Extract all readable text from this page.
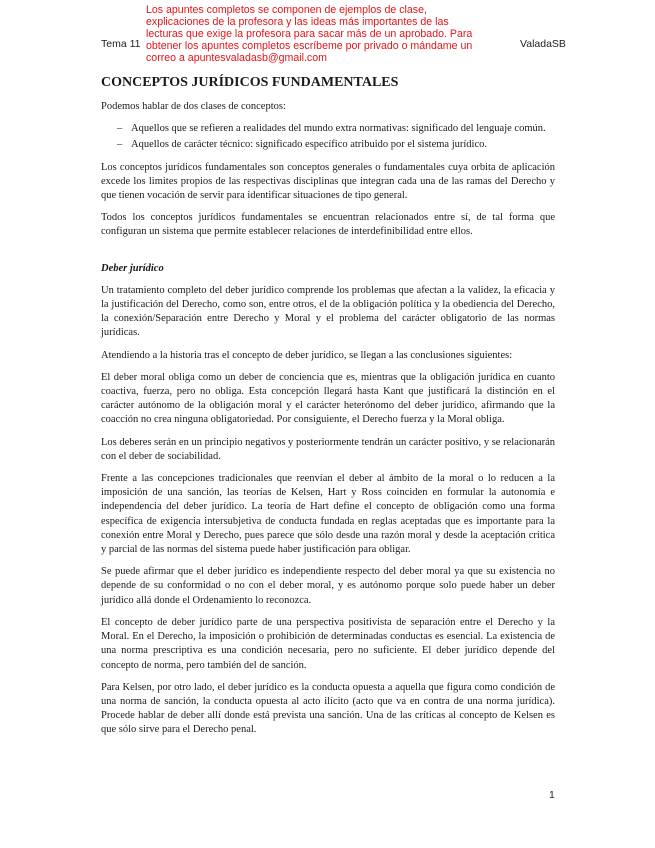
Tema 11
Los apuntes completos se componen de ejemplos de clase,
explicaciones de la profesora y las ideas más importantes de las
lecturas que exige la profesora para sacar más de un aprobado. Para
obtener los apuntes completos escríbeme por privado o mándame un
correo a apuntesvaladasb@gmail.com
ValadaSB
CONCEPTOS JURÍDICOS FUNDAMENTALES

Podemos hablar de dos clases de conceptos:

– Aquellos que se refieren a realidades del mundo extra normativas: significado del lenguaje común.
– Aquellos de carácter técnico: significado específico atribuido por el sistema jurídico.

Los conceptos jurídicos fundamentales son conceptos generales o fundamentales cuya orbita de aplicación excede los limites propios de las respectivas disciplinas que integran cada una de las ramas del Derecho y que tienen vocación de servir para identificar situaciones de tipo general.

Todos los conceptos jurídicos fundamentales se encuentran relacionados entre sí, de tal forma que configuran un sistema que permite establecer relaciones de interdefinibilidad entre ellos.

Deber jurídico

Un tratamiento completo del deber jurídico comprende los problemas que afectan a la validez, la eficacia y la justificación del Derecho, como son, entre otros, el de la obligación política y la obediencia del Derecho, la conexión/Separación entre Derecho y Moral y el problema del carácter obligatorio de las normas jurídicas.

Atendiendo a la historia tras el concepto de deber jurídico, se llegan a las conclusiones siguientes:

El deber moral obliga como un deber de conciencia que es, mientras que la obligación jurídica en cuanto coactiva, fuerza, pero no obliga. Esta concepción llegará hasta Kant que justificará la distinción en el carácter autónomo de la obligación moral y el carácter heterónomo del deber jurídico, afirmando que la coacción no crea ninguna obligatoriedad. Por consiguiente, el Derecho fuerza y la Moral obliga.

Los deberes serán en un principio negativos y posteriormente tendrán un carácter positivo, y se relacionarán con el deber de sociabilidad.

Frente a las concepciones tradicionales que reenvían el deber al ámbito de la moral o lo reducen a la imposición de una sanción, las teorías de Kelsen, Hart y Ross coinciden en formular la autonomía e independencia del deber jurídico. La teoría de Hart define el concepto de obligación como una forma específica de exigencia intersubjetiva de conducta fundada en reglas aceptadas que es importante para la conexión entre Moral y Derecho, pues parece que sólo desde una razón moral y desde la aceptación crítica y parcial de las normas del sistema puede haber justificación para obligar.

Se puede afirmar que el deber jurídico es independiente respecto del deber moral ya que su existencia no depende de su conformidad o no con el deber moral, y es autónomo porque solo puede haber un deber jurídico allá donde el Ordenamiento lo reconozca.

El concepto de deber jurídico parte de una perspectiva positivista de separación entre el Derecho y la Moral. En el Derecho, la imposición o prohibición de determinadas conductas es esencial. La existencia de una norma prescriptiva es una condición necesaria, pero no suficiente. El deber jurídico depende del concepto de norma, pero también del de sanción.

Para Kelsen, por otro lado, el deber jurídico es la conducta opuesta a aquella que figura como condición de una norma de sanción, la conducta opuesta al acto ilícito (acto que va en contra de una norma jurídica). Procede hablar de deber allí donde está prevista una sanción. Una de las críticas al concepto de Kelsen es que sólo sirve para el Derecho penal.

1
